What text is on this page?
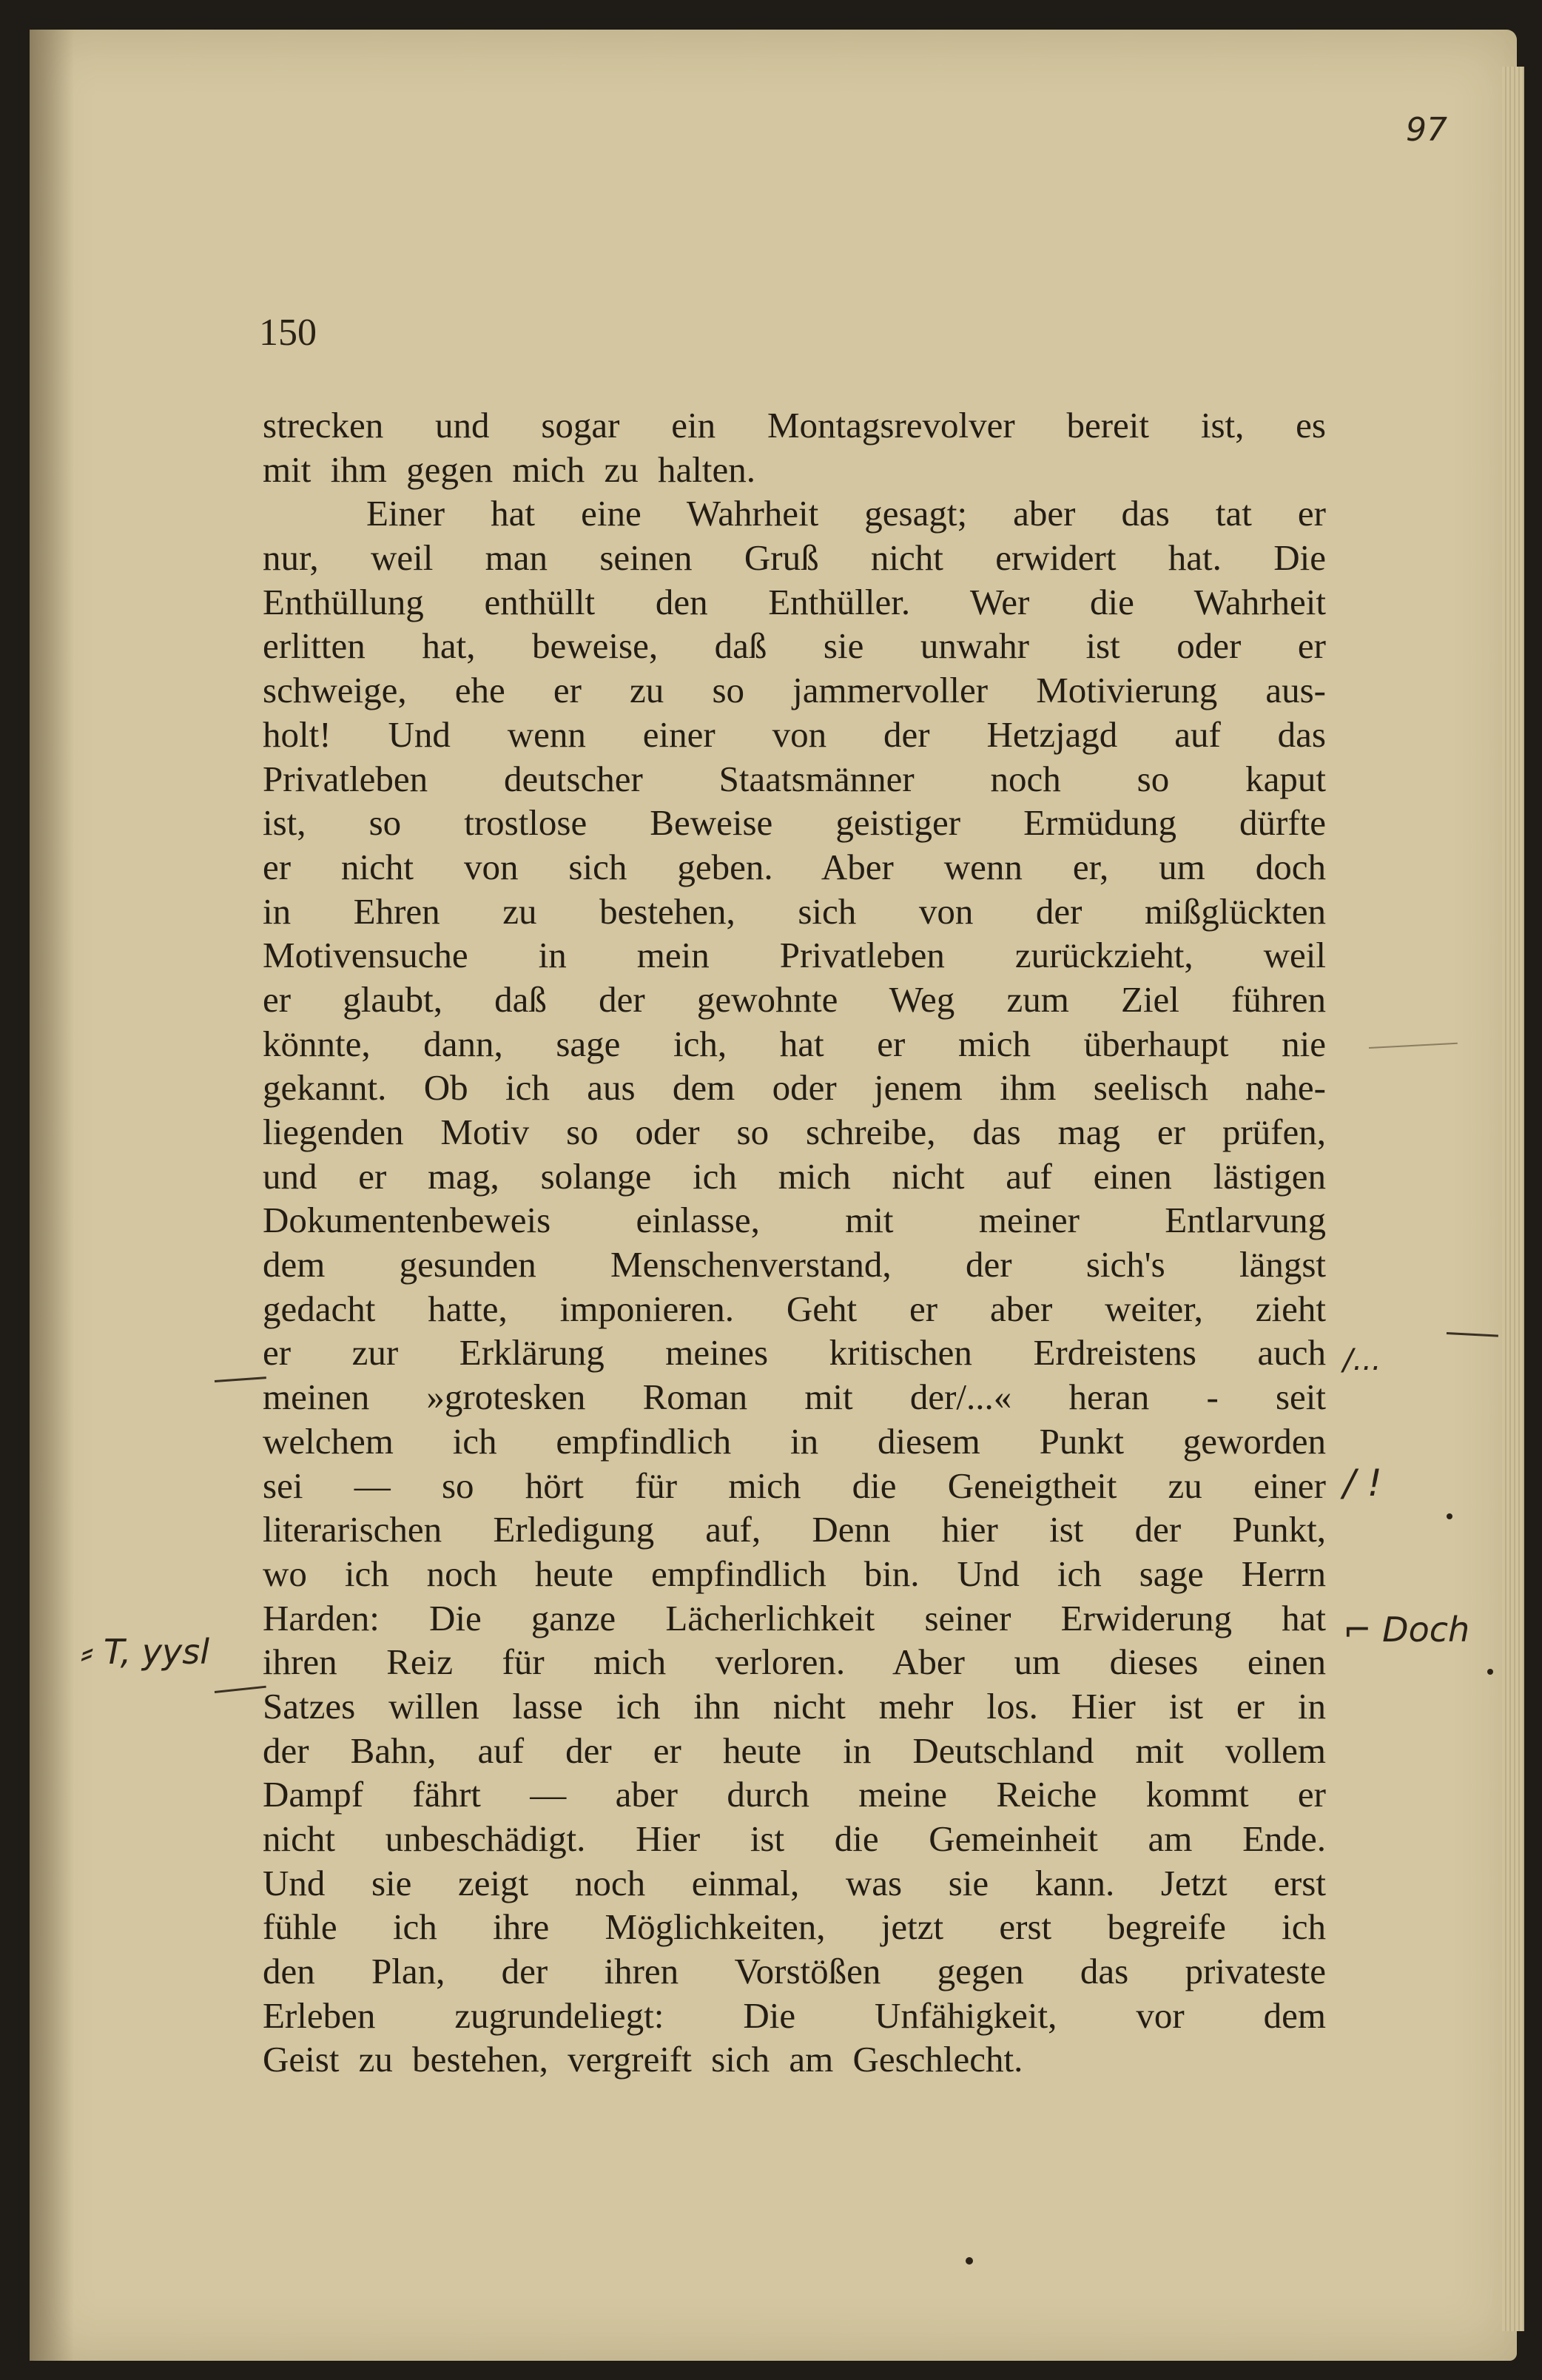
97
150
strecken und sogar ein Montagsrevolver bereit ist, es
mit ihm gegen mich zu halten.
Einer hat eine Wahrheit gesagt; aber das tat er
nur, weil man seinen Gruß nicht erwidert hat. Die
Enthüllung enthüllt den Enthüller. Wer die Wahrheit
erlitten hat, beweise, daß sie unwahr ist oder er
schweige, ehe er zu so jammervoller Motivierung aus-
holt! Und wenn einer von der Hetzjagd auf das
Privatleben deutscher Staatsmänner noch so kaput
ist, so trostlose Beweise geistiger Ermüdung dürfte
er nicht von sich geben. Aber wenn er, um doch
in Ehren zu bestehen, sich von der mißglückten
Motivensuche in mein Privatleben zurückzieht, weil
er glaubt, daß der gewohnte Weg zum Ziel führen
könnte, dann, sage ich, hat er mich überhaupt nie
gekannt. Ob ich aus dem oder jenem ihm seelisch nahe-
liegenden Motiv so oder so schreibe, das mag er prüfen,
und er mag, solange ich mich nicht auf einen lästigen
Dokumentenbeweis einlasse, mit meiner Entlarvung
dem gesunden Menschenverstand, der sich's längst
gedacht hatte, imponieren. Geht er aber weiter, zieht
er zur Erklärung meines kritischen Erdreistens auch
meinen »grotesken Roman mit der/...« heran - seit
welchem ich empfindlich in diesem Punkt geworden
sei — so hört für mich die Geneigtheit zu einer
literarischen Erledigung auf, Denn hier ist der Punkt,
wo ich noch heute empfindlich bin. Und ich sage Herrn
Harden: Die ganze Lächerlichkeit seiner Erwiderung hat
ihren Reiz für mich verloren. Aber um dieses einen
Satzes willen lasse ich ihn nicht mehr los. Hier ist er in
der Bahn, auf der er heute in Deutschland mit vollem
Dampf fährt — aber durch meine Reiche kommt er
nicht unbeschädigt. Hier ist die Gemeinheit am Ende.
Und sie zeigt noch einmal, was sie kann. Jetzt erst
fühle ich ihre Möglichkeiten, jetzt erst begreife ich
den Plan, der ihren Vorstößen gegen das privateste
Erleben zugrundeliegt: Die Unfähigkeit, vor dem
Geist zu bestehen, vergreift sich am Geschlecht.
⸗ T, yysl
/...
/ !
⌐ Doch
